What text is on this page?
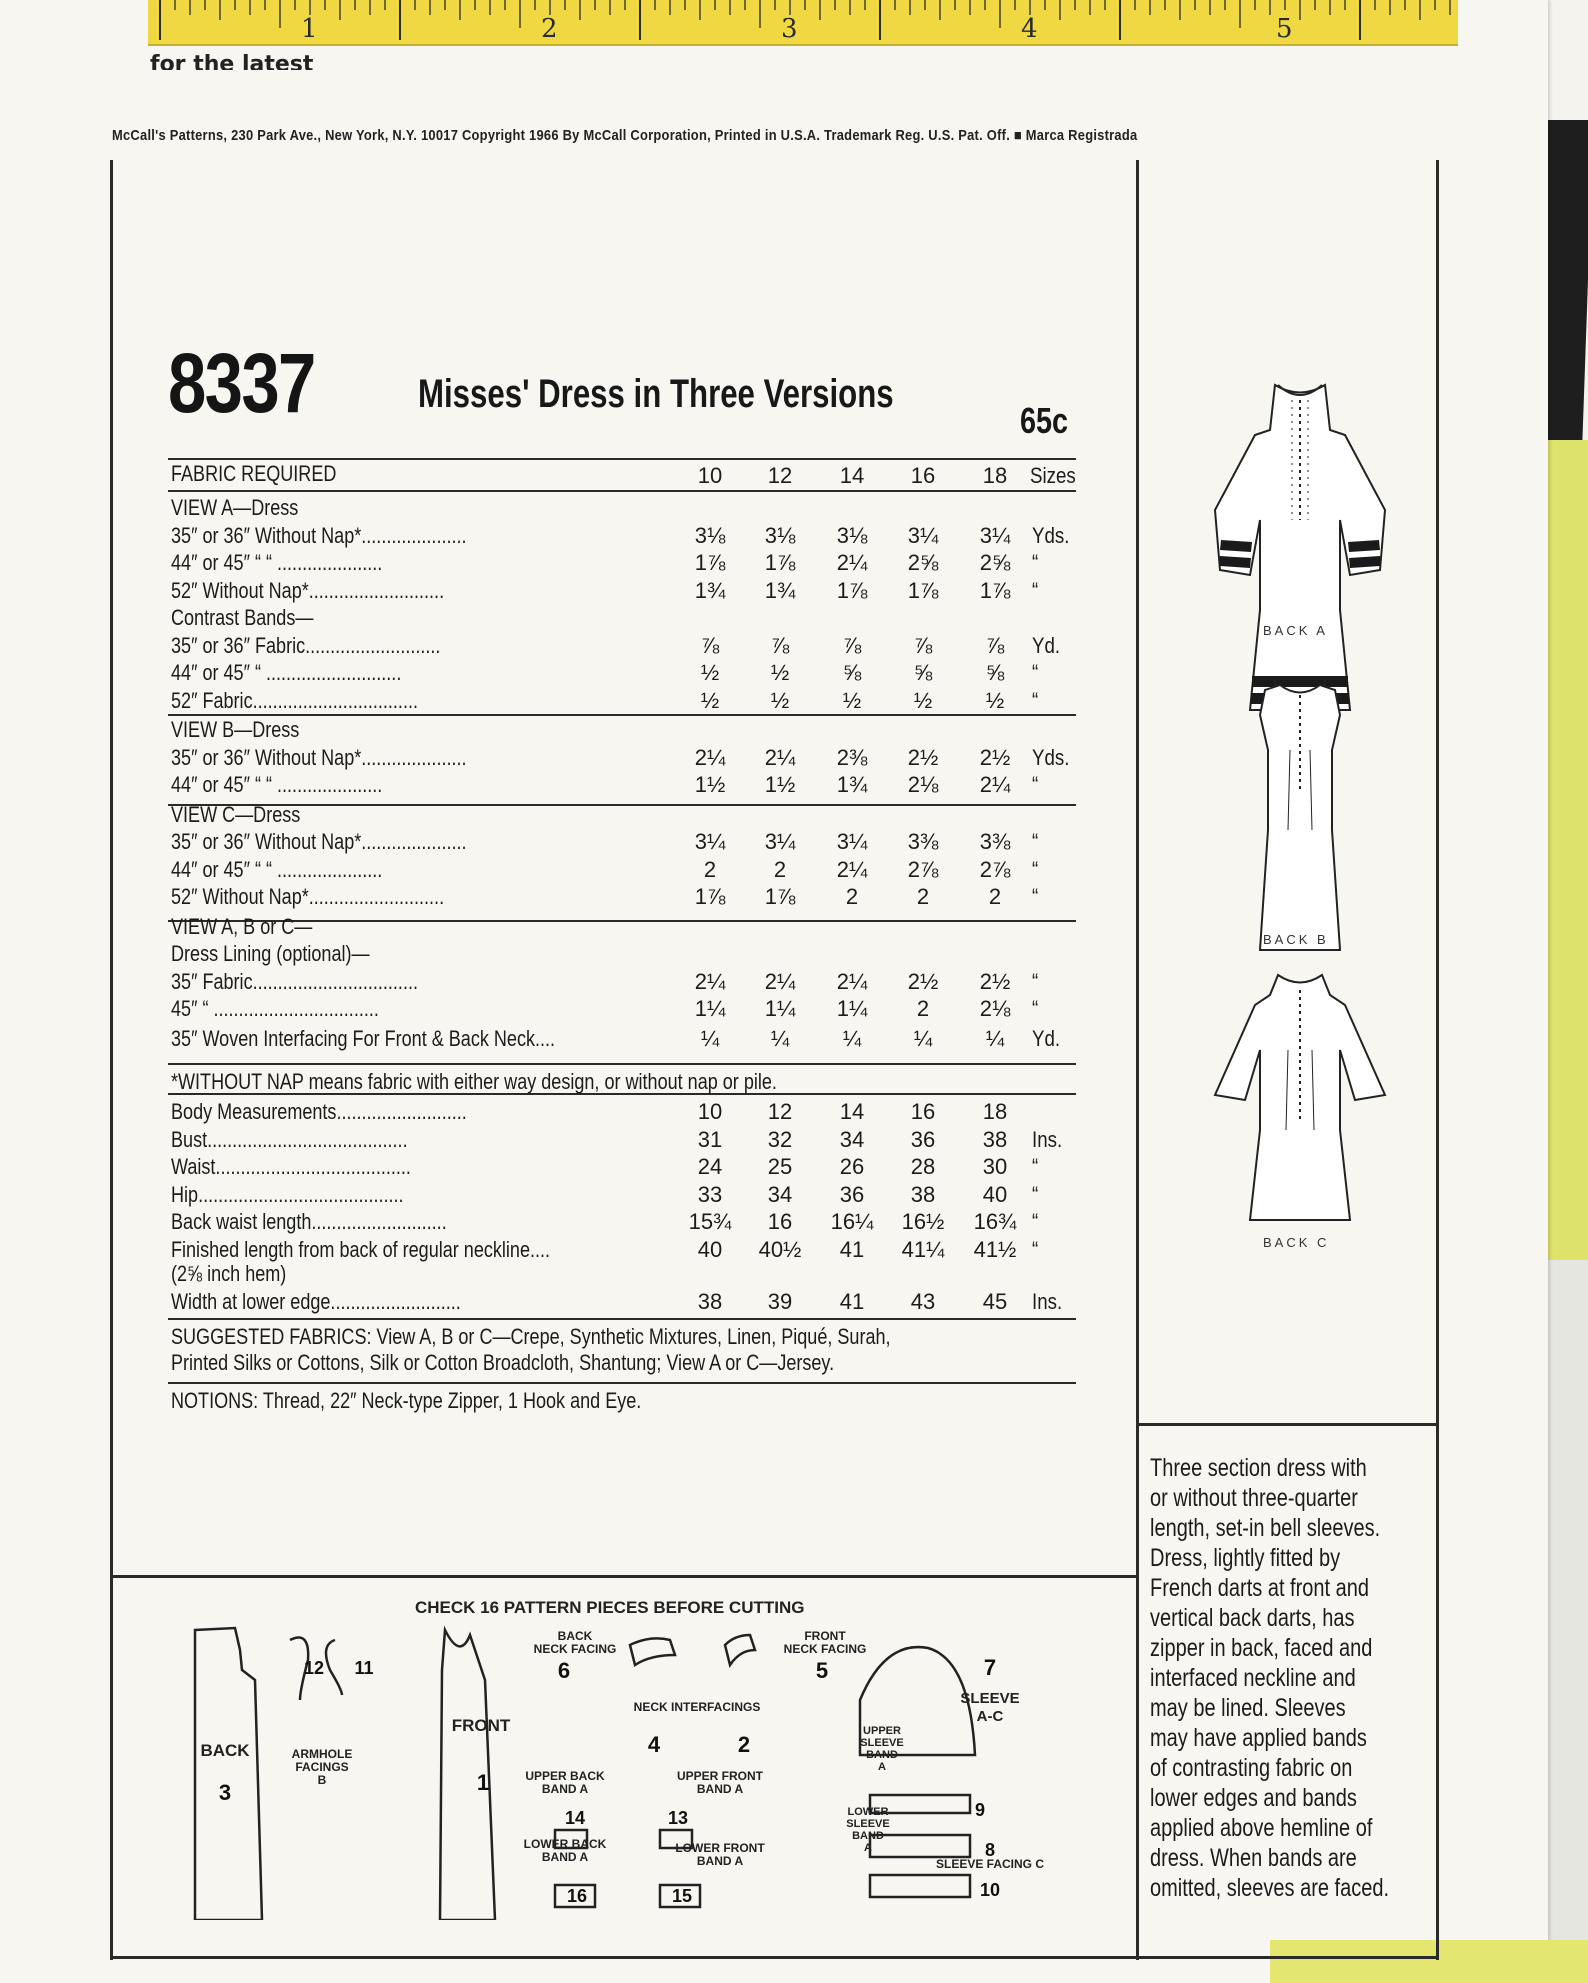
1	2	3	4	5
for the latest
McCall's Patterns, 230 Park Ave., New York, N.Y. 10017 Copyright 1966 By McCall Corporation, Printed in U.S.A. Trademark Reg. U.S. Pat. Off. ■ Marca Registrada
8337	Misses' Dress in Three Versions
65c
FABRIC REQUIRED	10	12	14	16	18	Sizes
VIEW A—Dress
35″ or 36″ Without Nap*.....................	3⅛	3⅛	3⅛	3¼	3¼ Yds.
44″ or 45″ “ “ .....................	1⅞	1⅞	2¼	2⅝	2⅝ “
52″ Without Nap*...........................	1¾	1¾	1⅞	1⅞	1⅞ “
Contrast Bands—
35″ or 36″ Fabric...........................	⅞	⅞	⅞	⅞	⅞	Yd.
44″ or 45″ “ ...........................	½	½	⅝	⅝	⅝	“
52″ Fabric.................................	½	½	½	½	½	“
VIEW B—Dress
35″ or 36″ Without Nap*.....................	2¼	2¼	2⅜	2½	2½ Yds.
44″ or 45″ “ “ .....................	1½	1½	1¾	2⅛	2¼ “
VIEW C—Dress
35″ or 36″ Without Nap*.....................	3¼	3¼	3¼	3⅜	3⅜ “
44″ or 45″ “ “ .....................	2	2	2¼	2⅞	2⅞ “
52″ Without Nap*...........................	1⅞	1⅞	2	2	2	“
VIEW A, B or C—
Dress Lining (optional)—
35″ Fabric.................................	2¼	2¼	2¼	2½	2½ “
45″ “ .................................	1¼	1¼	1¼	2	2⅛ “
35″ Woven Interfacing For Front & Back Neck....	¼	¼	¼	¼	¼	Yd.
Body Measurements..........................	10	12	14	16	18
Bust........................................	31	32	34	36	38	Ins.
Waist.......................................	24	25	26	28	30	“
Hip.........................................	33	34	36	38	40	“
Back waist length...........................	15¾	16	16¼	16½	16¾ “
Finished length from back of regular neckline....	40	40½	41	41¼	41½ “
(2⅝ inch hem)
Width at lower edge..........................	38	39	41	43	45	Ins.
*WITHOUT NAP means fabric with either way design, or without nap or pile.
SUGGESTED FABRICS: View A, B or C—Crepe, Synthetic Mixtures, Linen, Piqué, Surah,
Printed Silks or Cottons, Silk or Cotton Broadcloth, Shantung; View A or C—Jersey.
NOTIONS: Thread, 22″ Neck-type Zipper, 1 Hook and Eye.
BACK A
BACK B
BACK C
Three section dress with
or without three-quarter
length, set-in bell sleeves.
Dress, lightly fitted by
French darts at front and
vertical back darts, has
zipper in back, faced and
interfaced neckline and
may be lined. Sleeves
may have applied bands
of contrasting fabric on
lower edges and bands
applied above hemline of
dress. When bands are
omitted, sleeves are faced.
CHECK 16 PATTERN PIECES BEFORE CUTTING
ARMHOLE
FACINGS
B
12 11
BACK
3
FRONT
1
BACK
NECK FACING
6
FRONT
NECK FACING
5
NECK INTERFACINGS
4	2
UPPER BACK
BAND A
14
UPPER FRONT
BAND A
13
LOWER BACK
BAND A
16
LOWER FRONT
BAND A
15
7
SLEEVE
A-C
UPPER
SLEEVE
BAND
A
9
LOWER
SLEEVE
BAND
A	8
SLEEVE FACING C
10
